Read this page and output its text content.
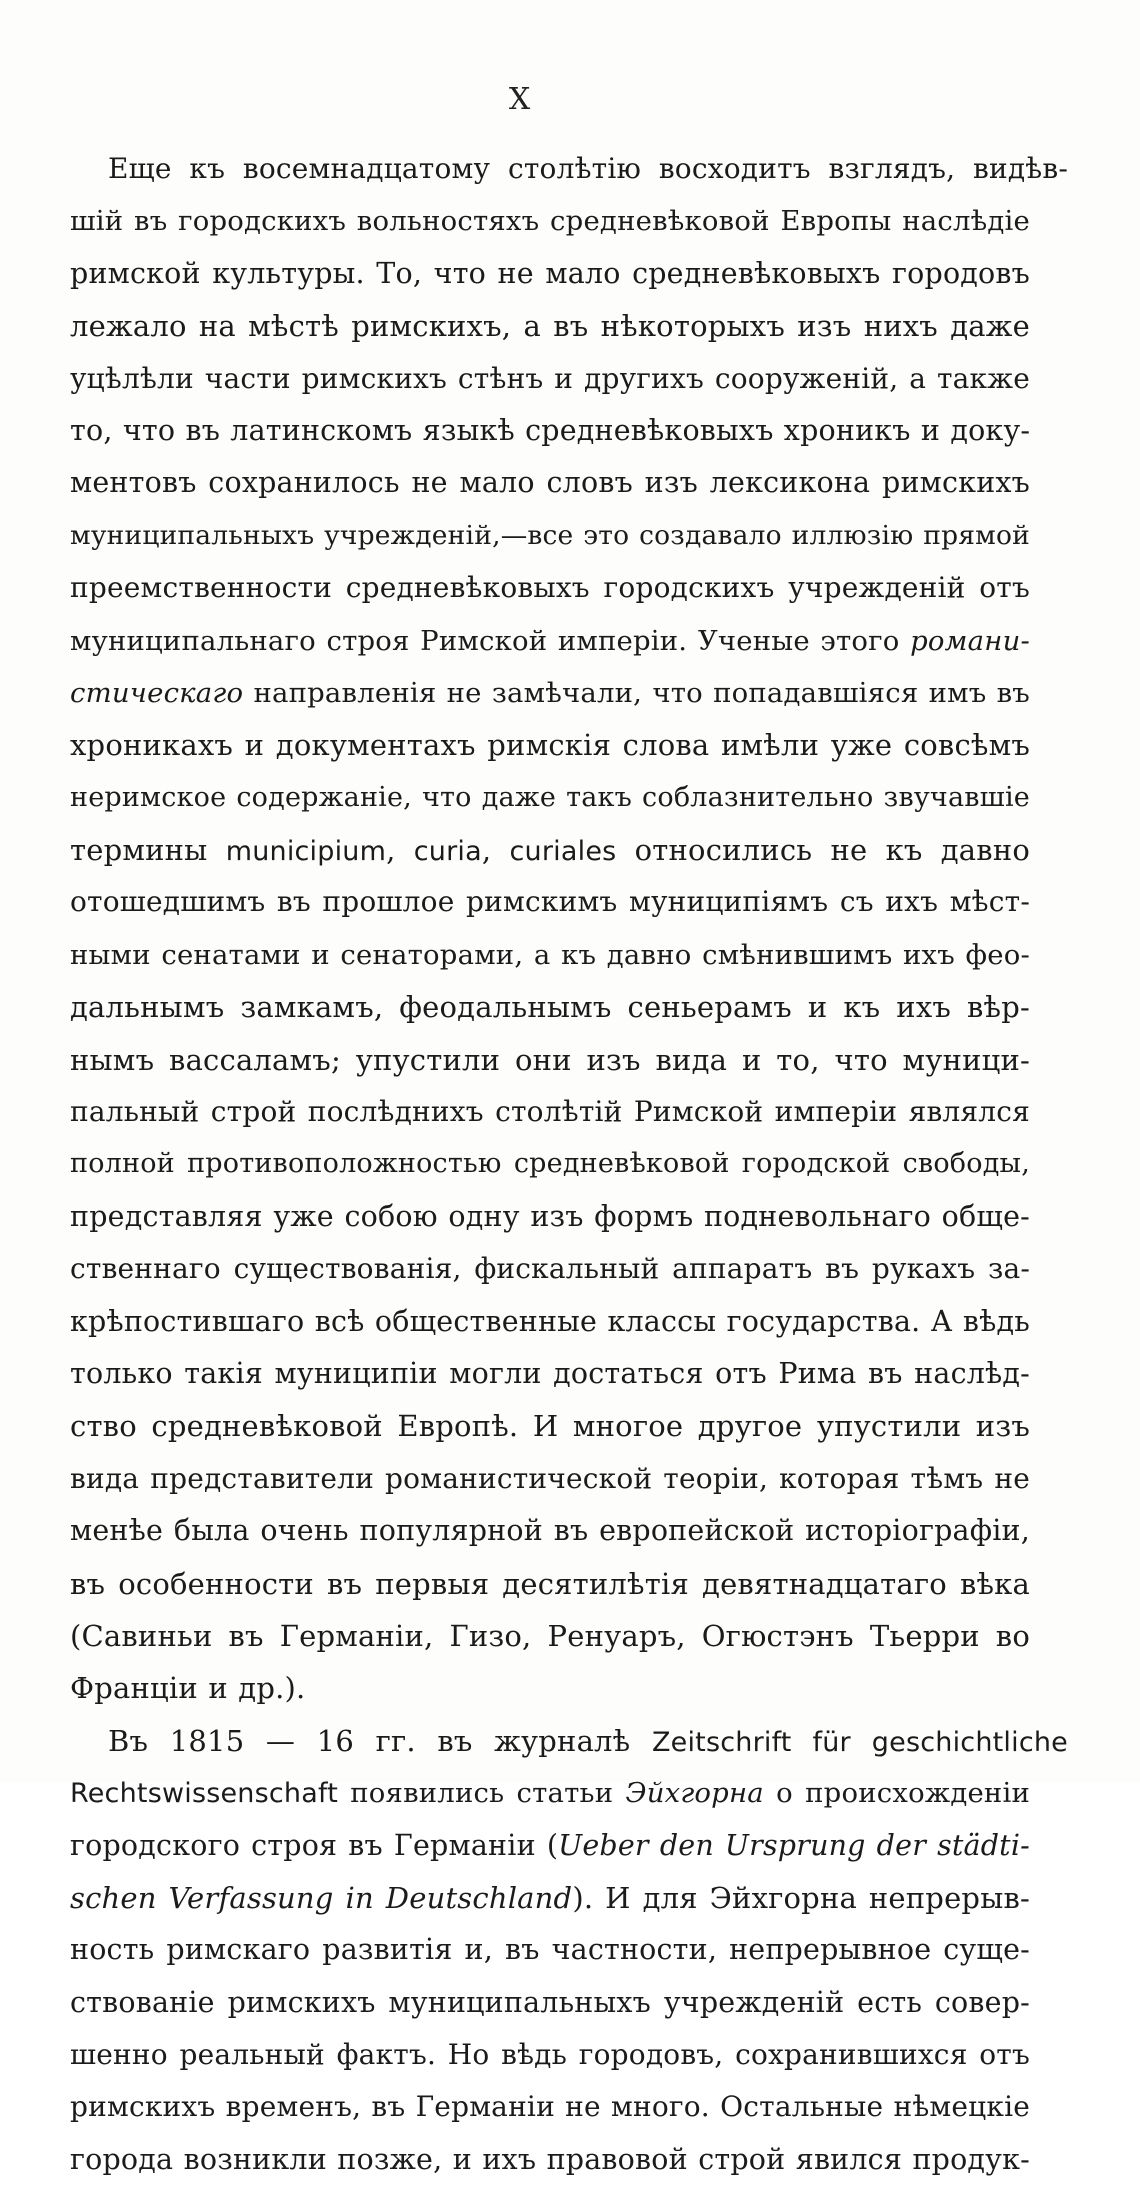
X
Еще къ восемнадцатому столѣтію восходитъ взглядъ, видѣв-
шій въ городскихъ вольностяхъ средневѣковой Европы наслѣдіе
римской культуры. То, что не мало средневѣковыхъ городовъ
лежало на мѣстѣ римскихъ, а въ нѣкоторыхъ изъ нихъ даже
уцѣлѣли части римскихъ стѣнъ и другихъ сооруженій, а также
то, что въ латинскомъ языкѣ средневѣковыхъ хроникъ и доку-
ментовъ сохранилось не мало словъ изъ лексикона римскихъ
муниципальныхъ учрежденій,—все это создавало иллюзію прямой
преемственности средневѣковыхъ городскихъ учрежденій отъ
муниципальнаго строя Римской имперіи. Ученые этого романи-
стическаго направленія не замѣчали, что попадавшіяся имъ въ
хроникахъ и документахъ римскія слова имѣли уже совсѣмъ
неримское содержаніе, что даже такъ соблазнительно звучавшіе
термины municipium, curia, curiales относились не къ давно
отошедшимъ въ прошлое римскимъ муниципіямъ съ ихъ мѣст-
ными сенатами и сенаторами, а къ давно смѣнившимъ ихъ фео-
дальнымъ замкамъ, феодальнымъ сеньерамъ и къ ихъ вѣр-
нымъ вассаламъ; упустили они изъ вида и то, что муници-
пальный строй послѣднихъ столѣтій Римской имперіи являлся
полной противоположностью средневѣковой городской свободы,
представляя уже собою одну изъ формъ подневольнаго обще-
ственнаго существованія, фискальный аппаратъ въ рукахъ за-
крѣпостившаго всѣ общественные классы государства. А вѣдь
только такія муниципіи могли достаться отъ Рима въ наслѣд-
ство средневѣковой Европѣ. И многое другое упустили изъ
вида представители романистической теоріи, которая тѣмъ не
менѣе была очень популярной въ европейской исторіографіи,
въ особенности въ первыя десятилѣтія девятнадцатаго вѣка
(Савиньи въ Германіи, Гизо, Ренуаръ, Огюстэнъ Тьерри во
Франціи и др.).
Въ 1815 — 16 гг. въ журналѣ Zeitschrift für geschichtliche
Rechtswissenschaft появились статьи Эйхгорна о происхожденіи
городского строя въ Германіи (Ueber den Ursprung der städti-
schen Verfassung in Deutschland). И для Эйхгорна непрерыв-
ность римскаго развитія и, въ частности, непрерывное суще-
ствованіе римскихъ муниципальныхъ учрежденій есть совер-
шенно реальный фактъ. Но вѣдь городовъ, сохранившихся отъ
римскихъ временъ, въ Германіи не много. Остальные нѣмецкіе
города возникли позже, и ихъ правовой строй явился продук-
